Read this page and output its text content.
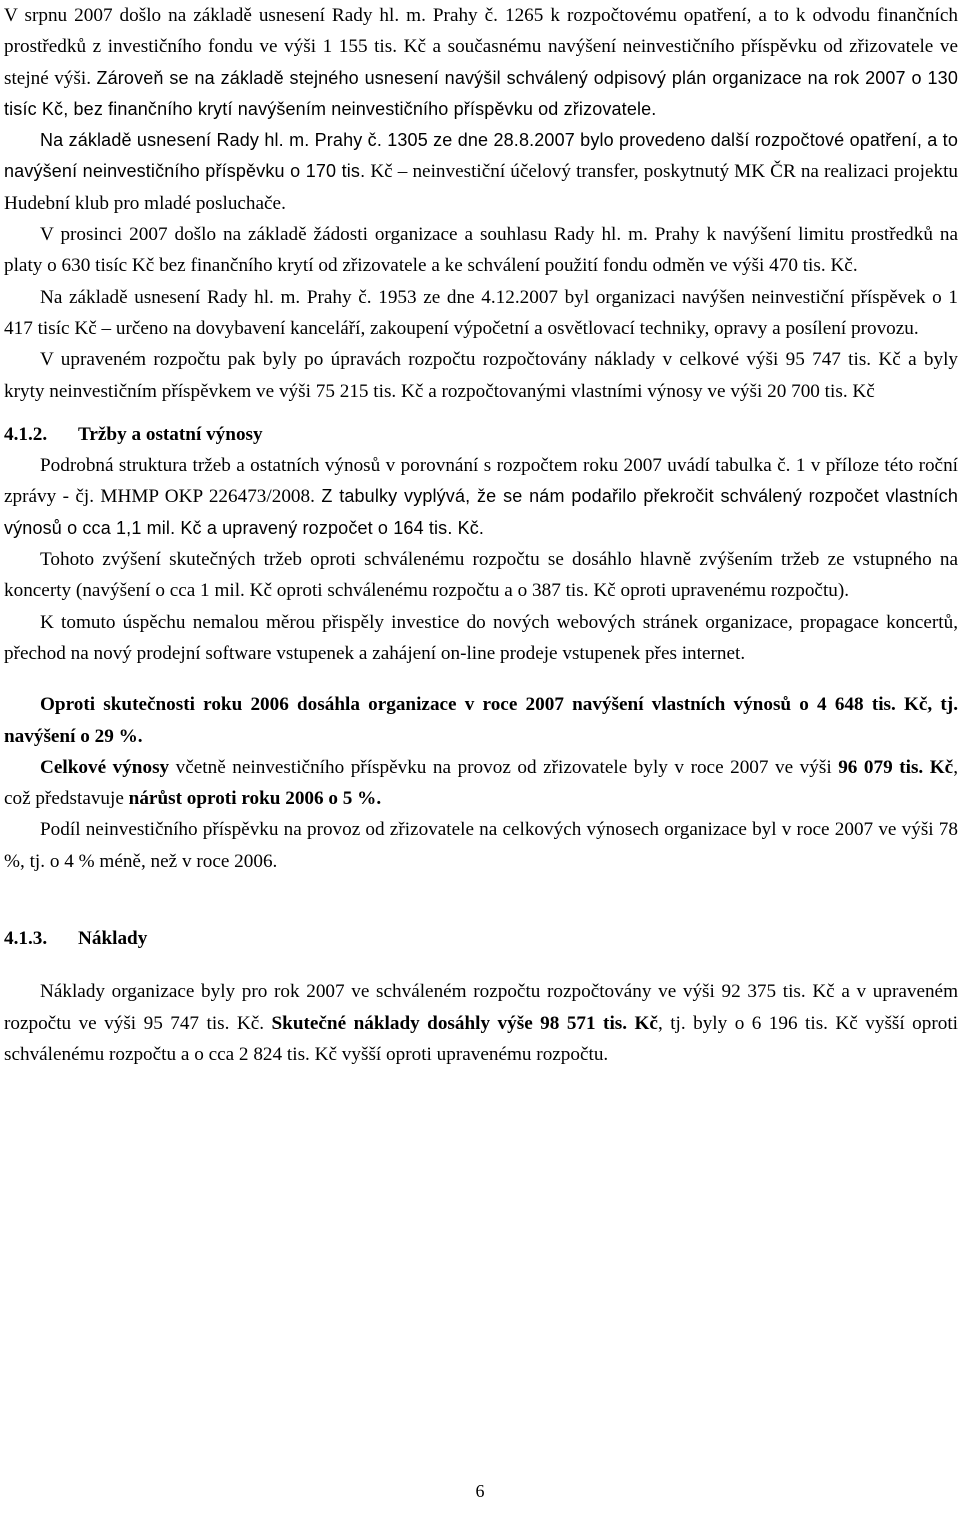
V srpnu 2007 došlo na základě usnesení Rady hl. m. Prahy č. 1265 k rozpočtovému opatření, a to k odvodu finančních prostředků z investičního fondu ve výši 1 155 tis. Kč a současnému navýšení neinvestičního příspěvku od zřizovatele ve stejné výši. Zároveň se na základě stejného usnesení navýšil schválený odpisový plán organizace na rok 2007 o 130 tisíc Kč, bez finančního krytí navýšením neinvestičního příspěvku od zřizovatele.

Na základě usnesení Rady hl. m. Prahy č. 1305 ze dne 28.8.2007 bylo provedeno další rozpočtové opatření, a to navýšení neinvestičního příspěvku o 170 tis. Kč – neinvestiční účelový transfer, poskytnutý MK ČR na realizaci projektu Hudební klub pro mladé posluchače.

V prosinci 2007 došlo na základě žádosti organizace a souhlasu Rady hl. m. Prahy k navýšení limitu prostředků na platy o 630 tisíc Kč bez finančního krytí od zřizovatele a ke schválení použití fondu odměn ve výši 470 tis. Kč.

Na základě usnesení Rady hl. m. Prahy č. 1953 ze dne 4.12.2007 byl organizaci navýšen neinvestiční příspěvek o 1 417 tisíc Kč – určeno na dovybavení kanceláří, zakoupení výpočetní a osvětlovací techniky, opravy a posílení provozu.

V upraveném rozpočtu pak byly po úpravách rozpočtu rozpočtovány náklady v celkové výši 95 747 tis. Kč a byly kryty neinvestičním příspěvkem ve výši 75 215 tis. Kč a rozpočtovanými vlastními výnosy ve výši 20 700 tis. Kč

4.1.2.	Tržby a ostatní výnosy

Podrobná struktura tržeb a ostatních výnosů v porovnání s rozpočtem roku 2007 uvádí tabulka č. 1 v příloze této roční zprávy - čj. MHMP OKP 226473/2008. Z tabulky vyplývá, že se nám podařilo překročit schválený rozpočet vlastních výnosů o cca 1,1 mil. Kč a upravený rozpočet o 164 tis. Kč.

Tohoto zvýšení skutečných tržeb oproti schválenému rozpočtu se dosáhlo hlavně zvýšením tržeb ze vstupného na koncerty (navýšení o cca 1 mil. Kč oproti schválenému rozpočtu a o 387 tis. Kč oproti upravenému rozpočtu).

K tomuto úspěchu nemalou měrou přispěly investice do nových webových stránek organizace, propagace koncertů, přechod na nový prodejní software vstupenek a zahájení on-line prodeje vstupenek přes internet.

Oproti skutečnosti roku 2006 dosáhla organizace v roce 2007 navýšení vlastních výnosů o 4 648 tis. Kč, tj. navýšení o 29 %.

Celkové výnosy včetně neinvestičního příspěvku na provoz od zřizovatele byly v roce 2007 ve výši 96 079 tis. Kč, což představuje nárůst oproti roku 2006 o 5 %.

Podíl neinvestičního příspěvku na provoz od zřizovatele na celkových výnosech organizace byl v roce 2007 ve výši 78 %, tj. o 4 % méně, než v roce 2006.

4.1.3.	Náklady

Náklady organizace byly pro rok 2007 ve schváleném rozpočtu rozpočtovány ve výši 92 375 tis. Kč a v upraveném rozpočtu ve výši 95 747 tis. Kč. Skutečné náklady dosáhly výše 98 571 tis. Kč, tj. byly o 6 196 tis. Kč vyšší oproti schválenému rozpočtu a o cca 2 824 tis. Kč vyšší oproti upravenému rozpočtu.

6
